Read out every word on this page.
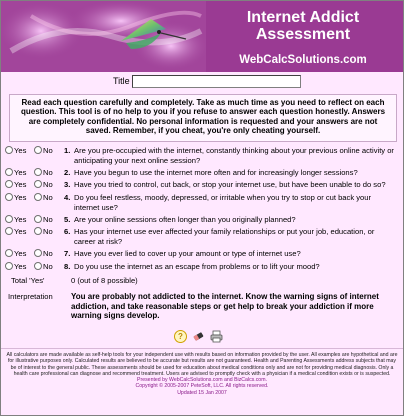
Internet Addict
Assessment
WebCalcSolutions.com
Title
Read each question carefully and completely. Take as much time as you need to reflect on each question. This tool is of no help to you if you refuse to answer each question honestly. Answers are completely confidential. No personal information is requested and your answers are not saved. Remember, if you cheat, you're only cheating yourself.
Yes No 1. Are you pre-occupied with the internet, constantly thinking about your previous online activity or anticipating your next online session?
Yes No 2. Have you begun to use the internet more often and for increasingly longer sessions?
Yes No 3. Have you tried to control, cut back, or stop your internet use, but have been unable to do so?
Yes No 4. Do you feel restless, moody, depressed, or irritable when you try to stop or cut back your internet use?
Yes No 5. Are your online sessions often longer than you originally planned?
Yes No 6. Has your internet use ever affected your family relationships or put your job, education, or career at risk?
Yes No 7. Have you ever lied to cover up your amount or type of internet use?
Yes No 8. Do you use the internet as an escape from problems or to lift your mood?
Total 'Yes'	0 (out of 8 possible)
Interpretation You are probably not addicted to the internet. Know the warning signs of internet addiction, and take reasonable steps or get help to break your addiction if more warning signs develop.
?
All calculators are made available as self-help tools for your independent use with results based on information provided by the user. All examples are hypothetical and are for illustrative purposes only. Calculated results are believed to be accurate but results are not guaranteed. Health and Parenting Assessments address subjects that may be of interest to the general public. These assessments should be used for education about medical conditions only and are not for providing medical diagnosis. Only a health care professional can diagnose and recommend treatment. Users are advised to promptly check with a physician if a medical condition exists or is suspected.
Presented by WebCalcSolutions.com and BizCalcs.com.
Copyright © 2005-2007 PeteSoft, LLC. All rights reserved.
Updated 15 Jan 2007
